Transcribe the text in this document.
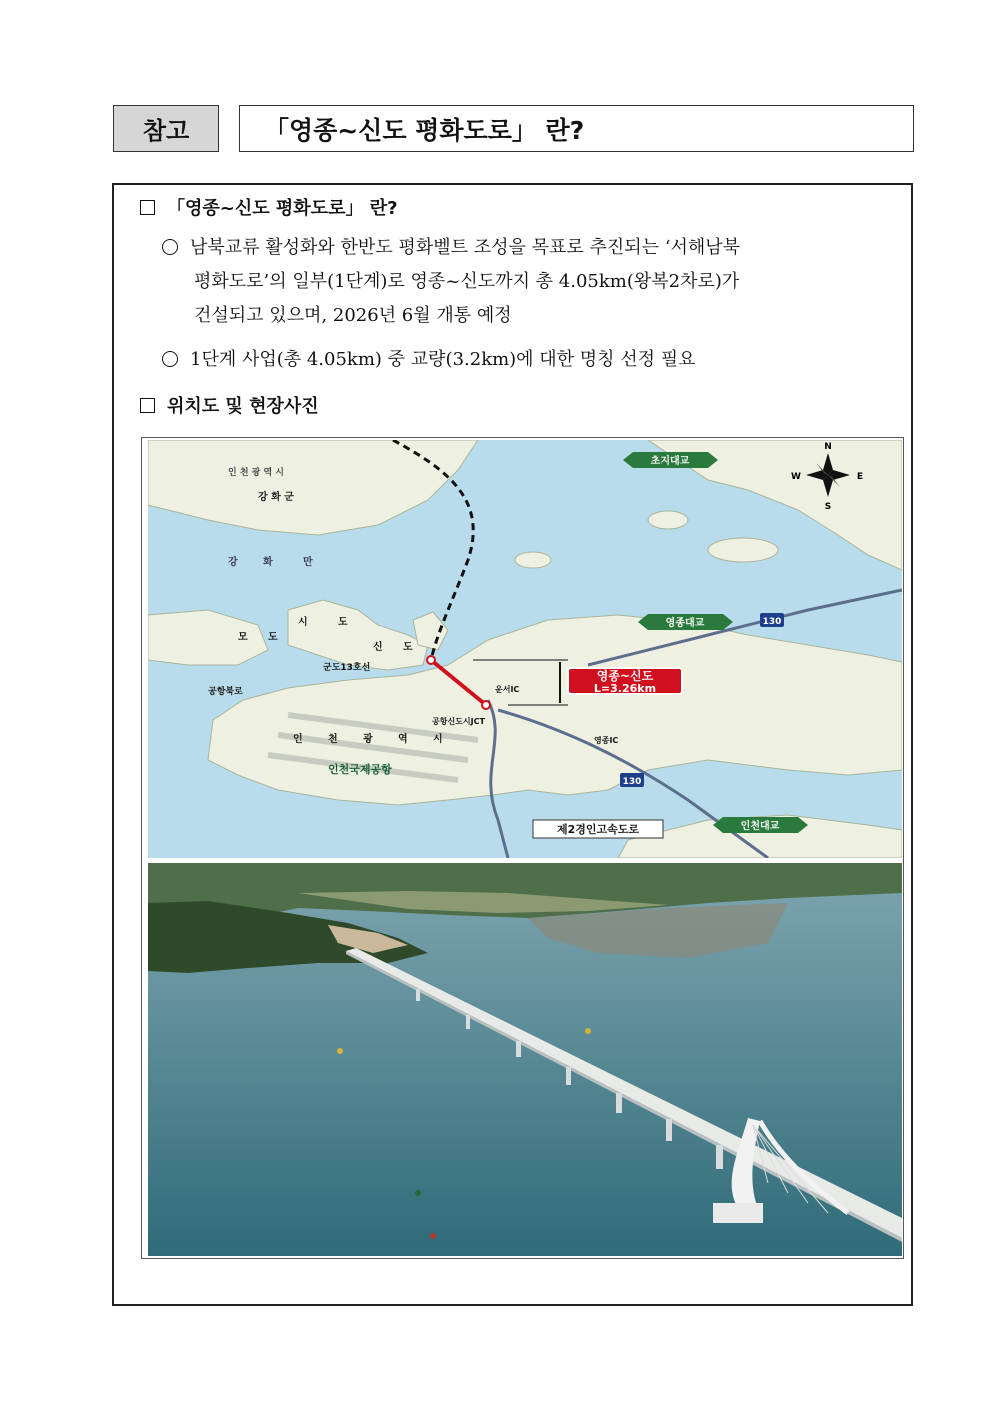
참고	「영종~신도 평화도로」 란?
「영종~신도 평화도로」 란?
남북교류 활성화와 한반도 평화벨트 조성을 목표로 추진되는 ‘서해남북
평화도로’의 일부(1단계)로 영종~신도까지 총 4.05km(왕복2차로)가
건설되고 있으며, 2026년 6월 개통 예정
1단계 사업(총 4.05km) 중 교량(3.2km)에 대한 명칭 선정 필요
위치도 및 현장사진
영종~신도
L=3.26km
인 천 광 역 시
강 화 군
강	화	만
모 도
시	도
신 도
군도13호선
공항북로
인	천	광	역	시
인천국제공항
운서IC
공항신도시JCT
영종IC
제2경인고속도로
초지대교
영종대교
인천대교
130
130
N
S
E
W
